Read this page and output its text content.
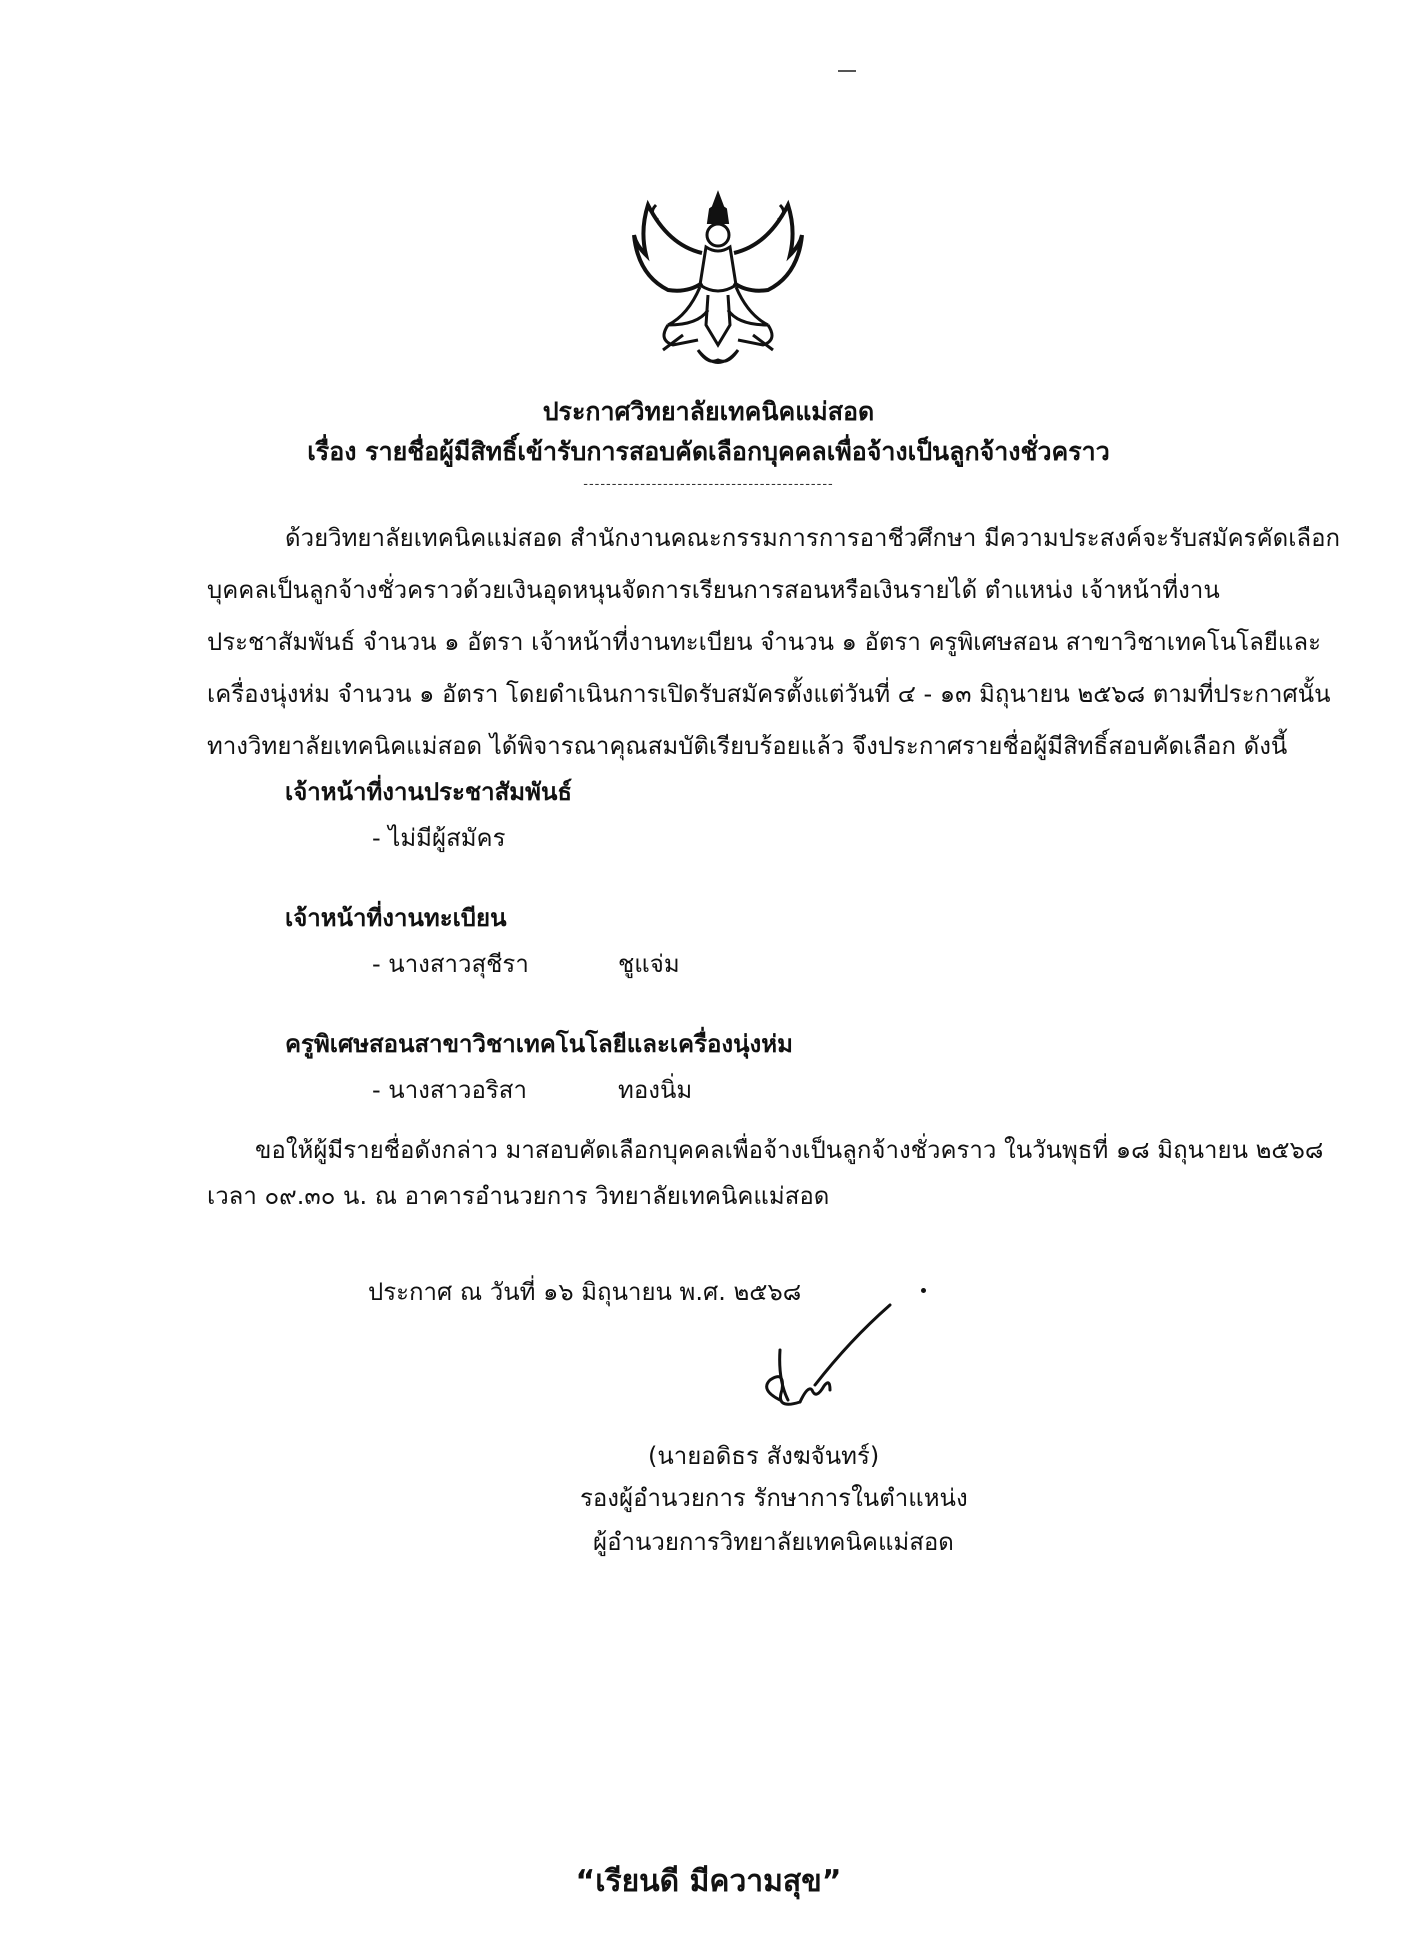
ประกาศวิทยาลัยเทคนิคแม่สอด
เรื่อง รายชื่อผู้มีสิทธิ์เข้ารับการสอบคัดเลือกบุคคลเพื่อจ้างเป็นลูกจ้างชั่วคราว
--------------------------------------------
ด้วยวิทยาลัยเทคนิคแม่สอด สำนักงานคณะกรรมการการอาชีวศึกษา มีความประสงค์จะรับสมัครคัดเลือก
บุคคลเป็นลูกจ้างชั่วคราวด้วยเงินอุดหนุนจัดการเรียนการสอนหรือเงินรายได้ ตำแหน่ง เจ้าหน้าที่งาน
ประชาสัมพันธ์ จำนวน ๑ อัตรา เจ้าหน้าที่งานทะเบียน จำนวน ๑ อัตรา ครูพิเศษสอน สาขาวิชาเทคโนโลยีและ
เครื่องนุ่งห่ม จำนวน ๑ อัตรา โดยดำเนินการเปิดรับสมัครตั้งแต่วันที่ ๔ - ๑๓ มิถุนายน ๒๕๖๘ ตามที่ประกาศนั้น
ทางวิทยาลัยเทคนิคแม่สอด ได้พิจารณาคุณสมบัติเรียบร้อยแล้ว จึงประกาศรายชื่อผู้มีสิทธิ์สอบคัดเลือก ดังนี้
เจ้าหน้าที่งานประชาสัมพันธ์
- ไม่มีผู้สมัคร
เจ้าหน้าที่งานทะเบียน
- นางสาวสุชีรา	ชูแจ่ม
ครูพิเศษสอนสาขาวิชาเทคโนโลยีและเครื่องนุ่งห่ม
- นางสาวอริสา	ทองนิ่ม
ขอให้ผู้มีรายชื่อดังกล่าว มาสอบคัดเลือกบุคคลเพื่อจ้างเป็นลูกจ้างชั่วคราว ในวันพุธที่ ๑๘ มิถุนายน ๒๕๖๘
เวลา ๐๙.๓๐ น. ณ อาคารอำนวยการ วิทยาลัยเทคนิคแม่สอด
ประกาศ ณ วันที่ ๑๖ มิถุนายน พ.ศ. ๒๕๖๘
(นายอดิธร สังฆจันทร์)
รองผู้อำนวยการ รักษาการในตำแหน่ง
ผู้อำนวยการวิทยาลัยเทคนิคแม่สอด
“เรียนดี มีความสุข”
